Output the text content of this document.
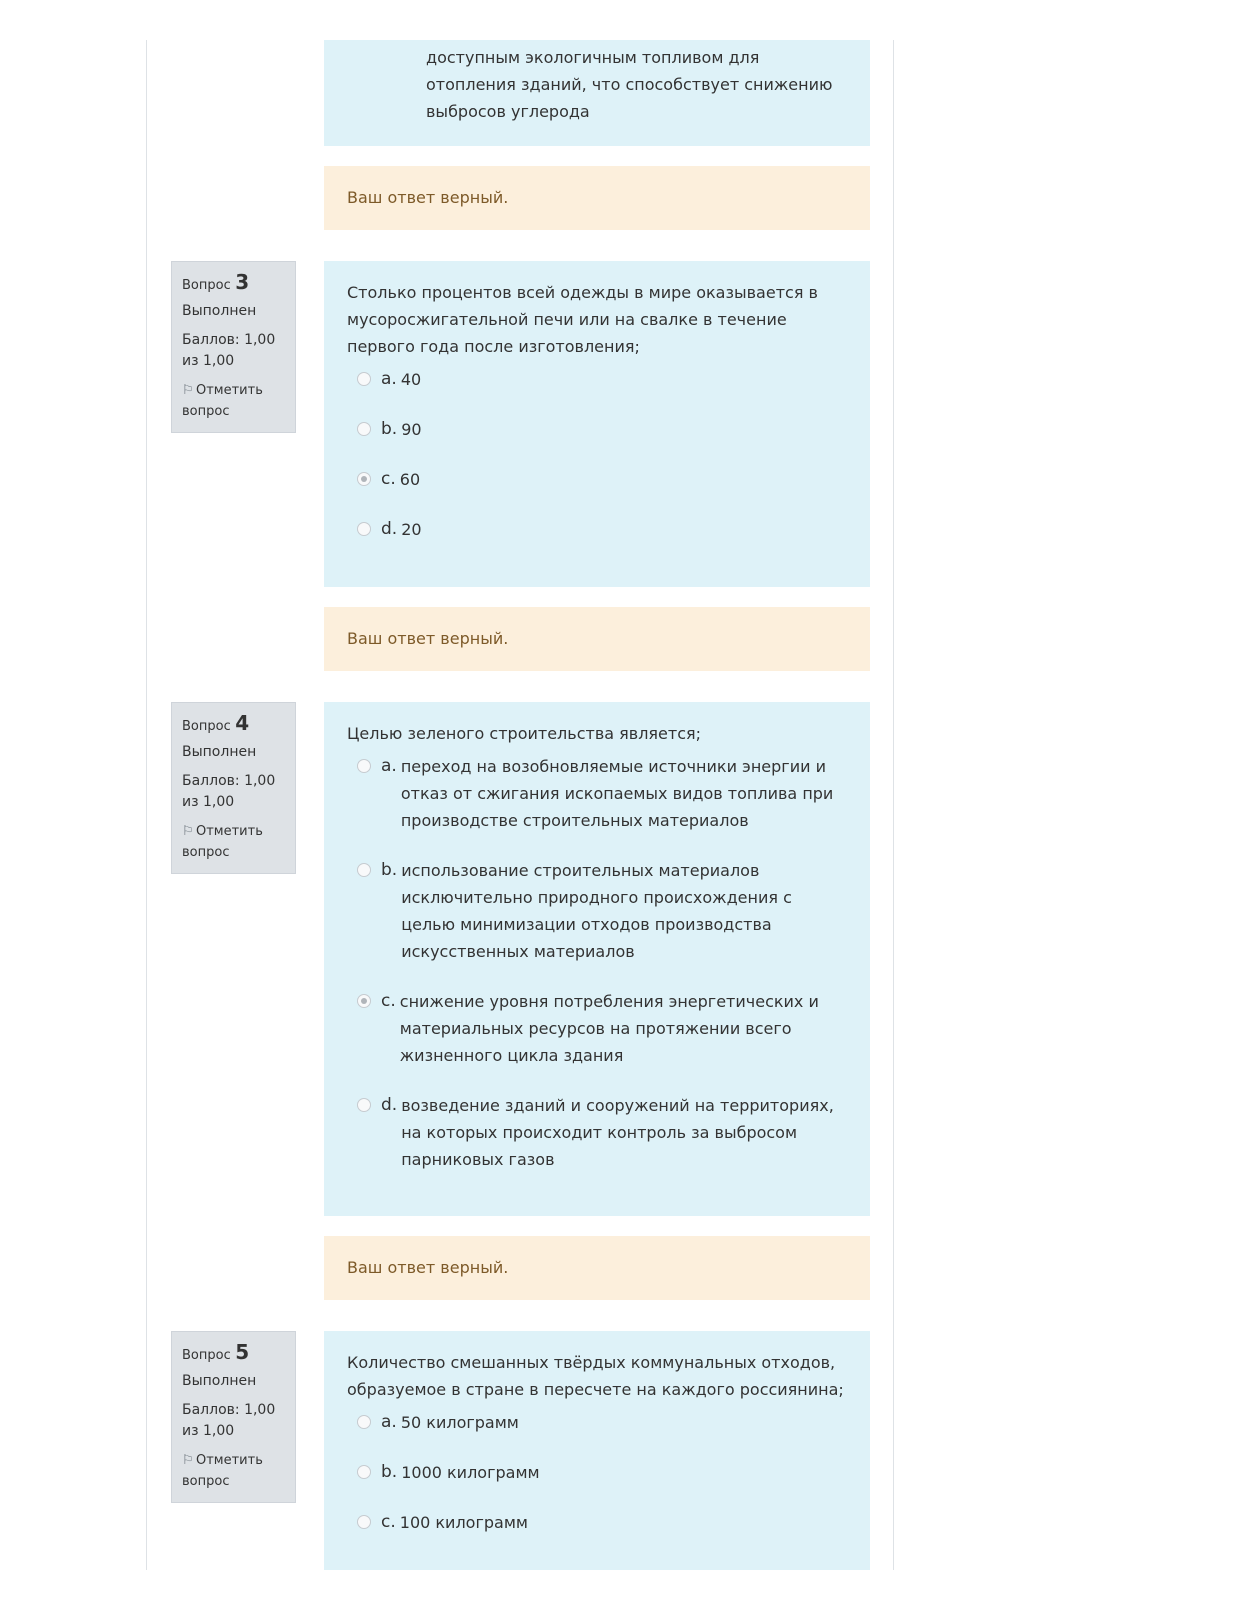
доступным экологичным топливом для отопления зданий, что способствует снижению выбросов углерода
Ваш ответ верный.
Вопрос 3
Выполнен
Баллов: 1,00 из 1,00
⚐ Отметить вопрос
Столько процентов всей одежды в мире оказывается в мусоросжигательной печи или на свалке в течение первого года после изготовления;
a. 40
b. 90
c. 60
d. 20
Ваш ответ верный.
Вопрос 4
Выполнен
Баллов: 1,00 из 1,00
⚐ Отметить вопрос
Целью зеленого строительства является;
a. переход на возобновляемые источники энергии и отказ от сжигания ископаемых видов топлива при производстве строительных материалов
b. использование строительных материалов исключительно природного происхождения с целью минимизации отходов производства искусственных материалов
c. снижение уровня потребления энергетических и материальных ресурсов на протяжении всего жизненного цикла здания
d. возведение зданий и сооружений на территориях, на которых происходит контроль за выбросом парниковых газов
Ваш ответ верный.
Вопрос 5
Выполнен
Баллов: 1,00 из 1,00
⚐ Отметить вопрос
Количество смешанных твёрдых коммунальных отходов, образуемое в стране в пересчете на каждого россиянина;
a. 50 килограмм
b. 1000 килограмм
c. 100 килограмм
